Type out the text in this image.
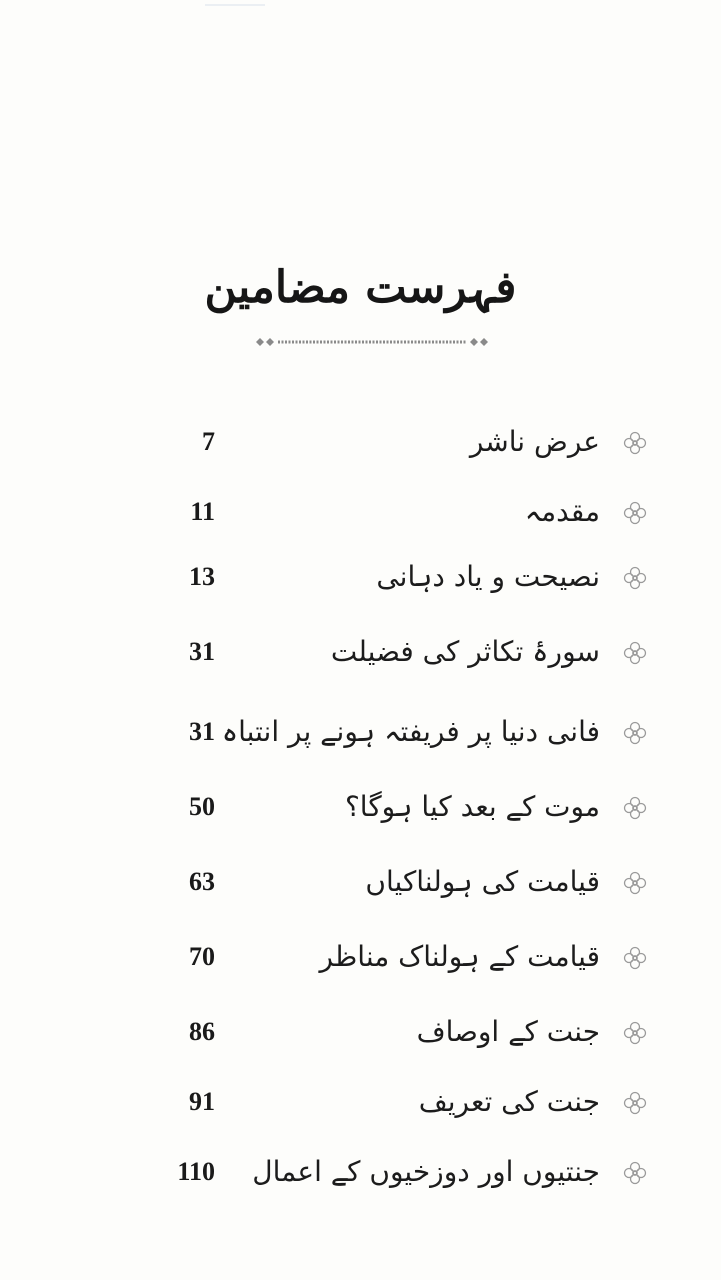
فہرست مضامین
7	عرض ناشر
11	مقدمہ
13	نصیحت و یاد دہانی
31	سورۂ تکاثر کی فضیلت
31 فانی دنیا پر فریفتہ ہونے پر انتباہ
50	موت کے بعد کیا ہوگا؟
63	قیامت کی ہولناکیاں
70	قیامت کے ہولناک مناظر
86	جنت کے اوصاف
91	جنت کی تعریف
110 جنتیوں اور دوزخیوں کے اعمال
